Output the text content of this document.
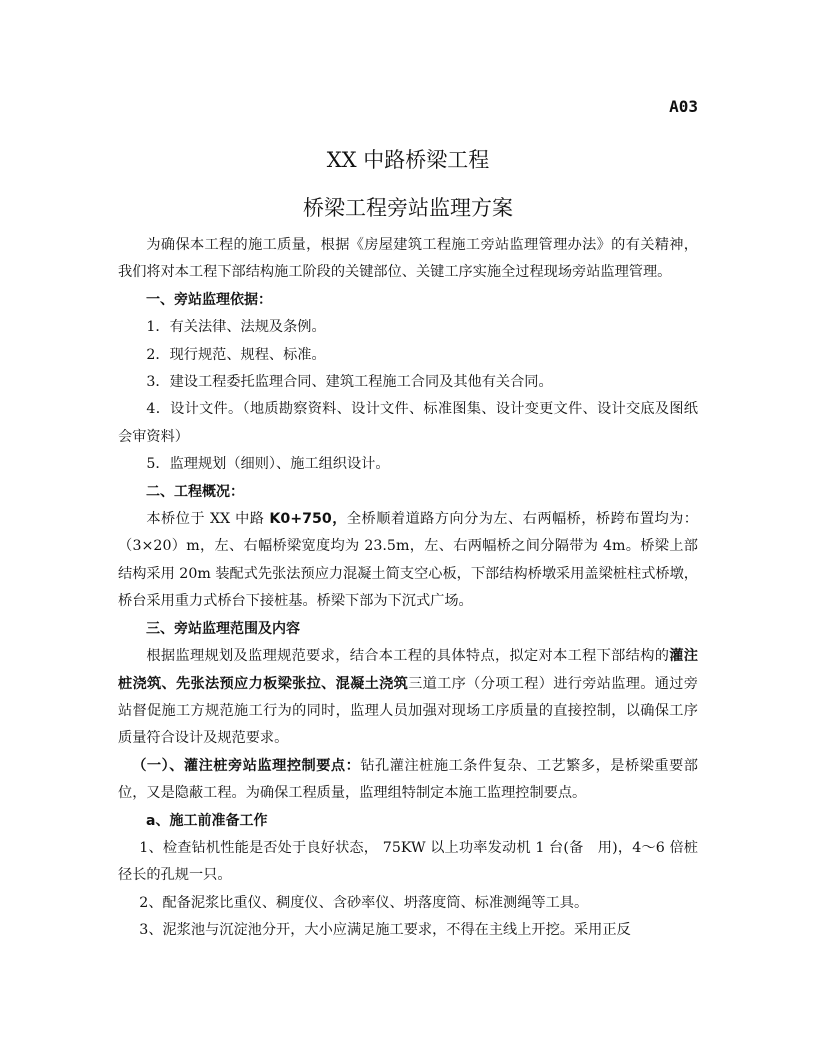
A03
XX 中路桥梁工程
桥梁工程旁站监理方案

为确保本工程的施工质量，根据《房屋建筑工程施工旁站监理管理办法》的有关精神，我们将对本工程下部结构施工阶段的关键部位、关键工序实施全过程现场旁站监理管理。

一、旁站监理依据：

1．有关法律、法规及条例。

2．现行规范、规程、标准。

3．建设工程委托监理合同、建筑工程施工合同及其他有关合同。

4．设计文件。（地质勘察资料、设计文件、标准图集、设计变更文件、设计交底及图纸会审资料）

5．监理规划（细则）、施工组织设计。

二、工程概况：

本桥位于 XX 中路 K0+750，全桥顺着道路方向分为左、右两幅桥，桥跨布置均为：（3×20）m，左、右幅桥梁宽度均为 23.5m，左、右两幅桥之间分隔带为 4m。桥梁上部结构采用 20m 装配式先张法预应力混凝土简支空心板，下部结构桥墩采用盖梁桩柱式桥墩，桥台采用重力式桥台下接桩基。桥梁下部为下沉式广场。

三、旁站监理范围及内容

根据监理规划及监理规范要求，结合本工程的具体特点，拟定对本工程下部结构的灌注桩浇筑、先张法预应力板梁张拉、混凝土浇筑三道工序（分项工程）进行旁站监理。通过旁站督促施工方规范施工行为的同时，监理人员加强对现场工序质量的直接控制，以确保工序质量符合设计及规范要求。

（一）、灌注桩旁站监理控制要点：钻孔灌注桩施工条件复杂、工艺繁多，是桥梁重要部位，又是隐蔽工程。为确保工程质量，监理组特制定本施工监理控制要点。

a、施工前准备工作

1、检查钻机性能是否处于良好状态， 75KW 以上功率发动机 1 台(备　用)，4～6 倍桩径长的孔规一只。

2、配备泥浆比重仪、稠度仪、含砂率仪、坍落度筒、标准测绳等工具。

3、泥浆池与沉淀池分开，大小应满足施工要求，不得在主线上开挖。采用正反
